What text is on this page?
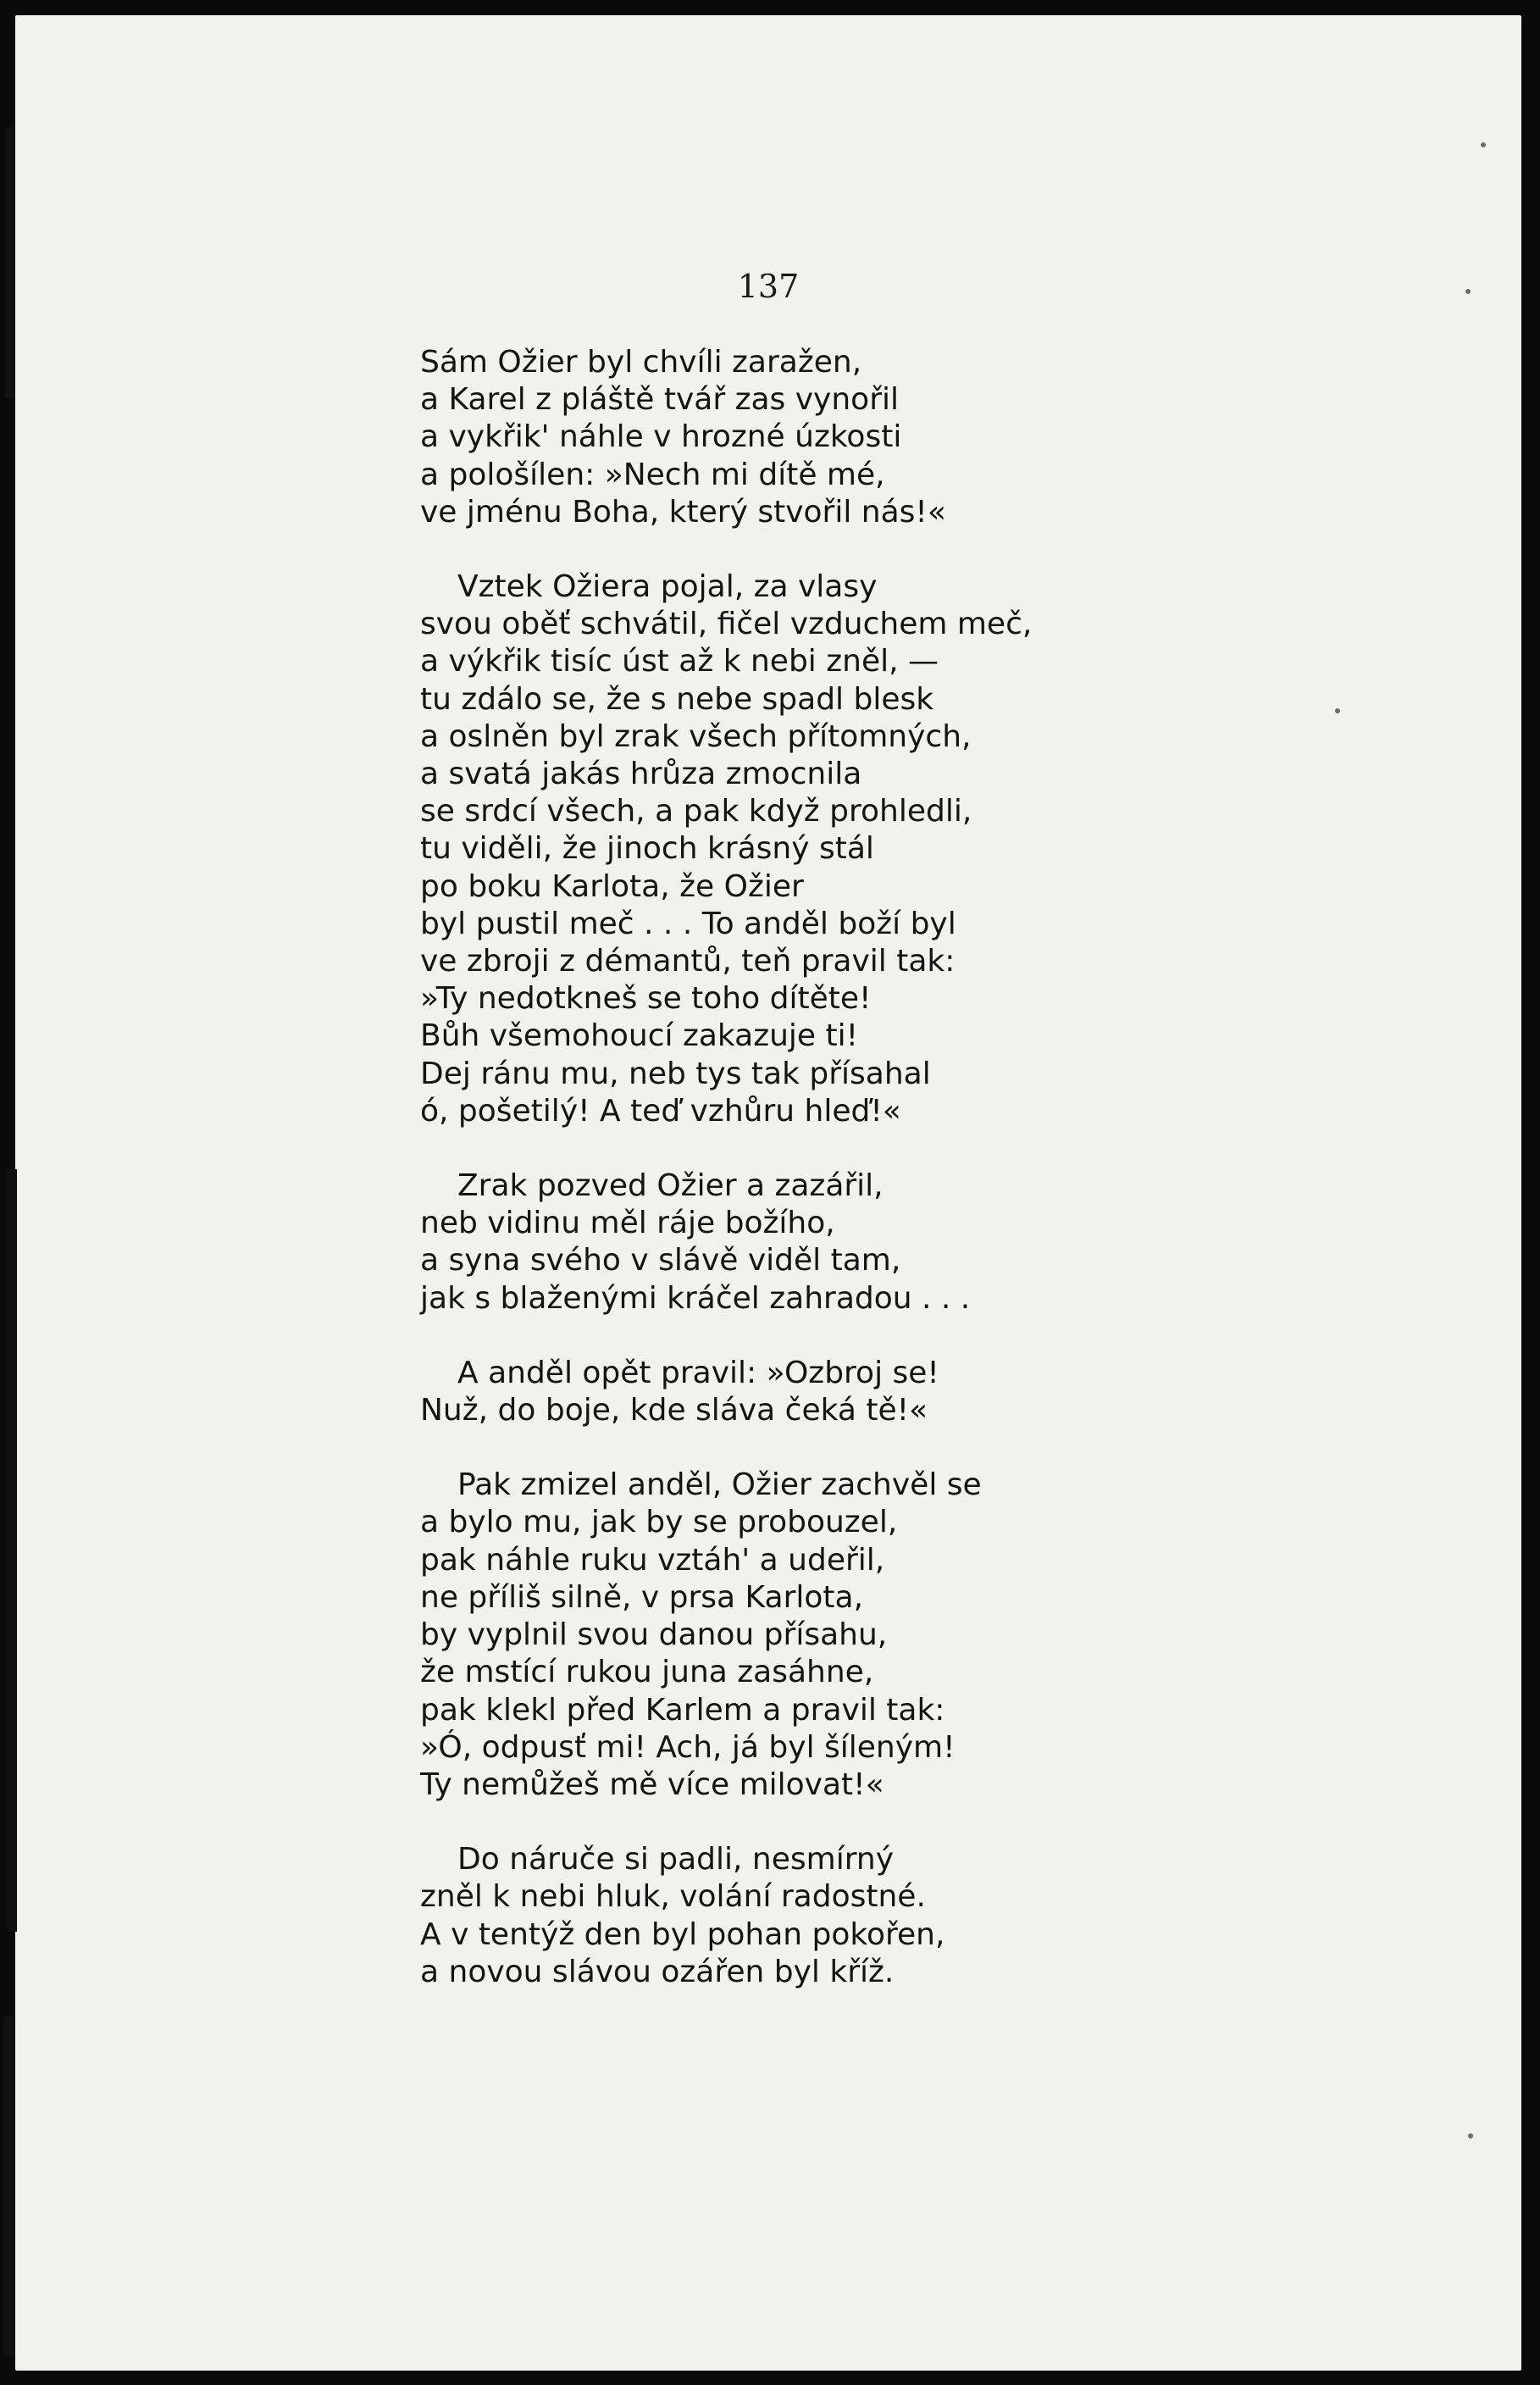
137
Sám Ožier byl chvíli zaražen,
a Karel z pláště tvář zas vynořil
a vykřik' náhle v hrozné úzkosti
a pološílen: »Nech mi dítě mé,
ve jménu Boha, který stvořil nás!«
Vztek Ožiera pojal, za vlasy
svou oběť schvátil, fičel vzduchem meč,
a výkřik tisíc úst až k nebi zněl, —
tu zdálo se, že s nebe spadl blesk
a oslněn byl zrak všech přítomných,
a svatá jakás hrůza zmocnila
se srdcí všech, a pak když prohledli,
tu viděli, že jinoch krásný stál
po boku Karlota, že Ožier
byl pustil meč . . . To anděl boží byl
ve zbroji z démantů, teň pravil tak:
»Ty nedotkneš se toho dítěte!
Bůh všemohoucí zakazuje ti!
Dej ránu mu, neb tys tak přísahal
ó, pošetilý! A teď vzhůru hleď!«
Zrak pozved Ožier a zazářil,
neb vidinu měl ráje božího,
a syna svého v slávě viděl tam,
jak s blaženými kráčel zahradou . . .
A anděl opět pravil: »Ozbroj se!
Nuž, do boje, kde sláva čeká tě!«
Pak zmizel anděl, Ožier zachvěl se
a bylo mu, jak by se probouzel,
pak náhle ruku vztáh' a udeřil,
ne příliš silně, v prsa Karlota,
by vyplnil svou danou přísahu,
že mstící rukou juna zasáhne,
pak klekl před Karlem a pravil tak:
»Ó, odpusť mi! Ach, já byl šíleným!
Ty nemůžeš mě více milovat!«
Do náruče si padli, nesmírný
zněl k nebi hluk, volání radostné.
A v tentýž den byl pohan pokořen,
a novou slávou ozářen byl kříž.
